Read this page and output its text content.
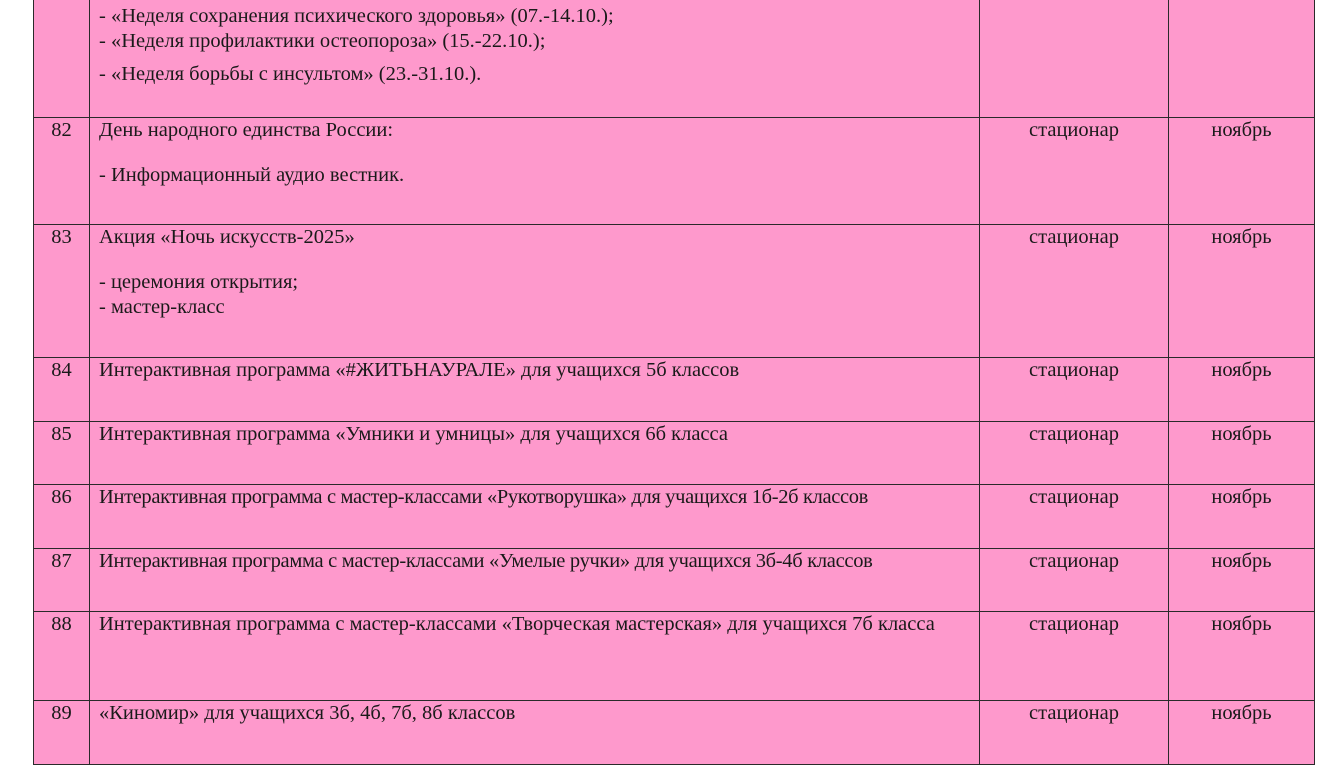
	- «Неделя сохранения психического здоровья» (07.-14.10.);
- «Неделя профилактики остеопороза» (15.-22.10.);
- «Неделя борьбы с инсультом» (23.-31.10.).		

82	День народного единства России:
- Информационный аудио вестник.	стационар	ноябрь
83	Акция «Ночь искусств-2025»
- церемония открытия;
- мастер-класс	стационар	ноябрь
84	Интерактивная программа «#ЖИТЬНАУРАЛЕ» для учащихся 5б классов	стационар	ноябрь
85	Интерактивная программа «Умники и умницы» для учащихся 6б класса	стационар	ноябрь
86	Интерактивная программа с мастер-классами «Рукотворушка» для учащихся 1б-2б классов	стационар	ноябрь
87	Интерактивная программа с мастер-классами «Умелые ручки» для учащихся 3б-4б классов	стационар	ноябрь
88	Интерактивная программа с мастер-классами «Творческая мастерская» для учащихся 7б класса	стационар	ноябрь
89	«Киномир» для учащихся 3б, 4б, 7б, 8б классов	стационар	ноябрь
